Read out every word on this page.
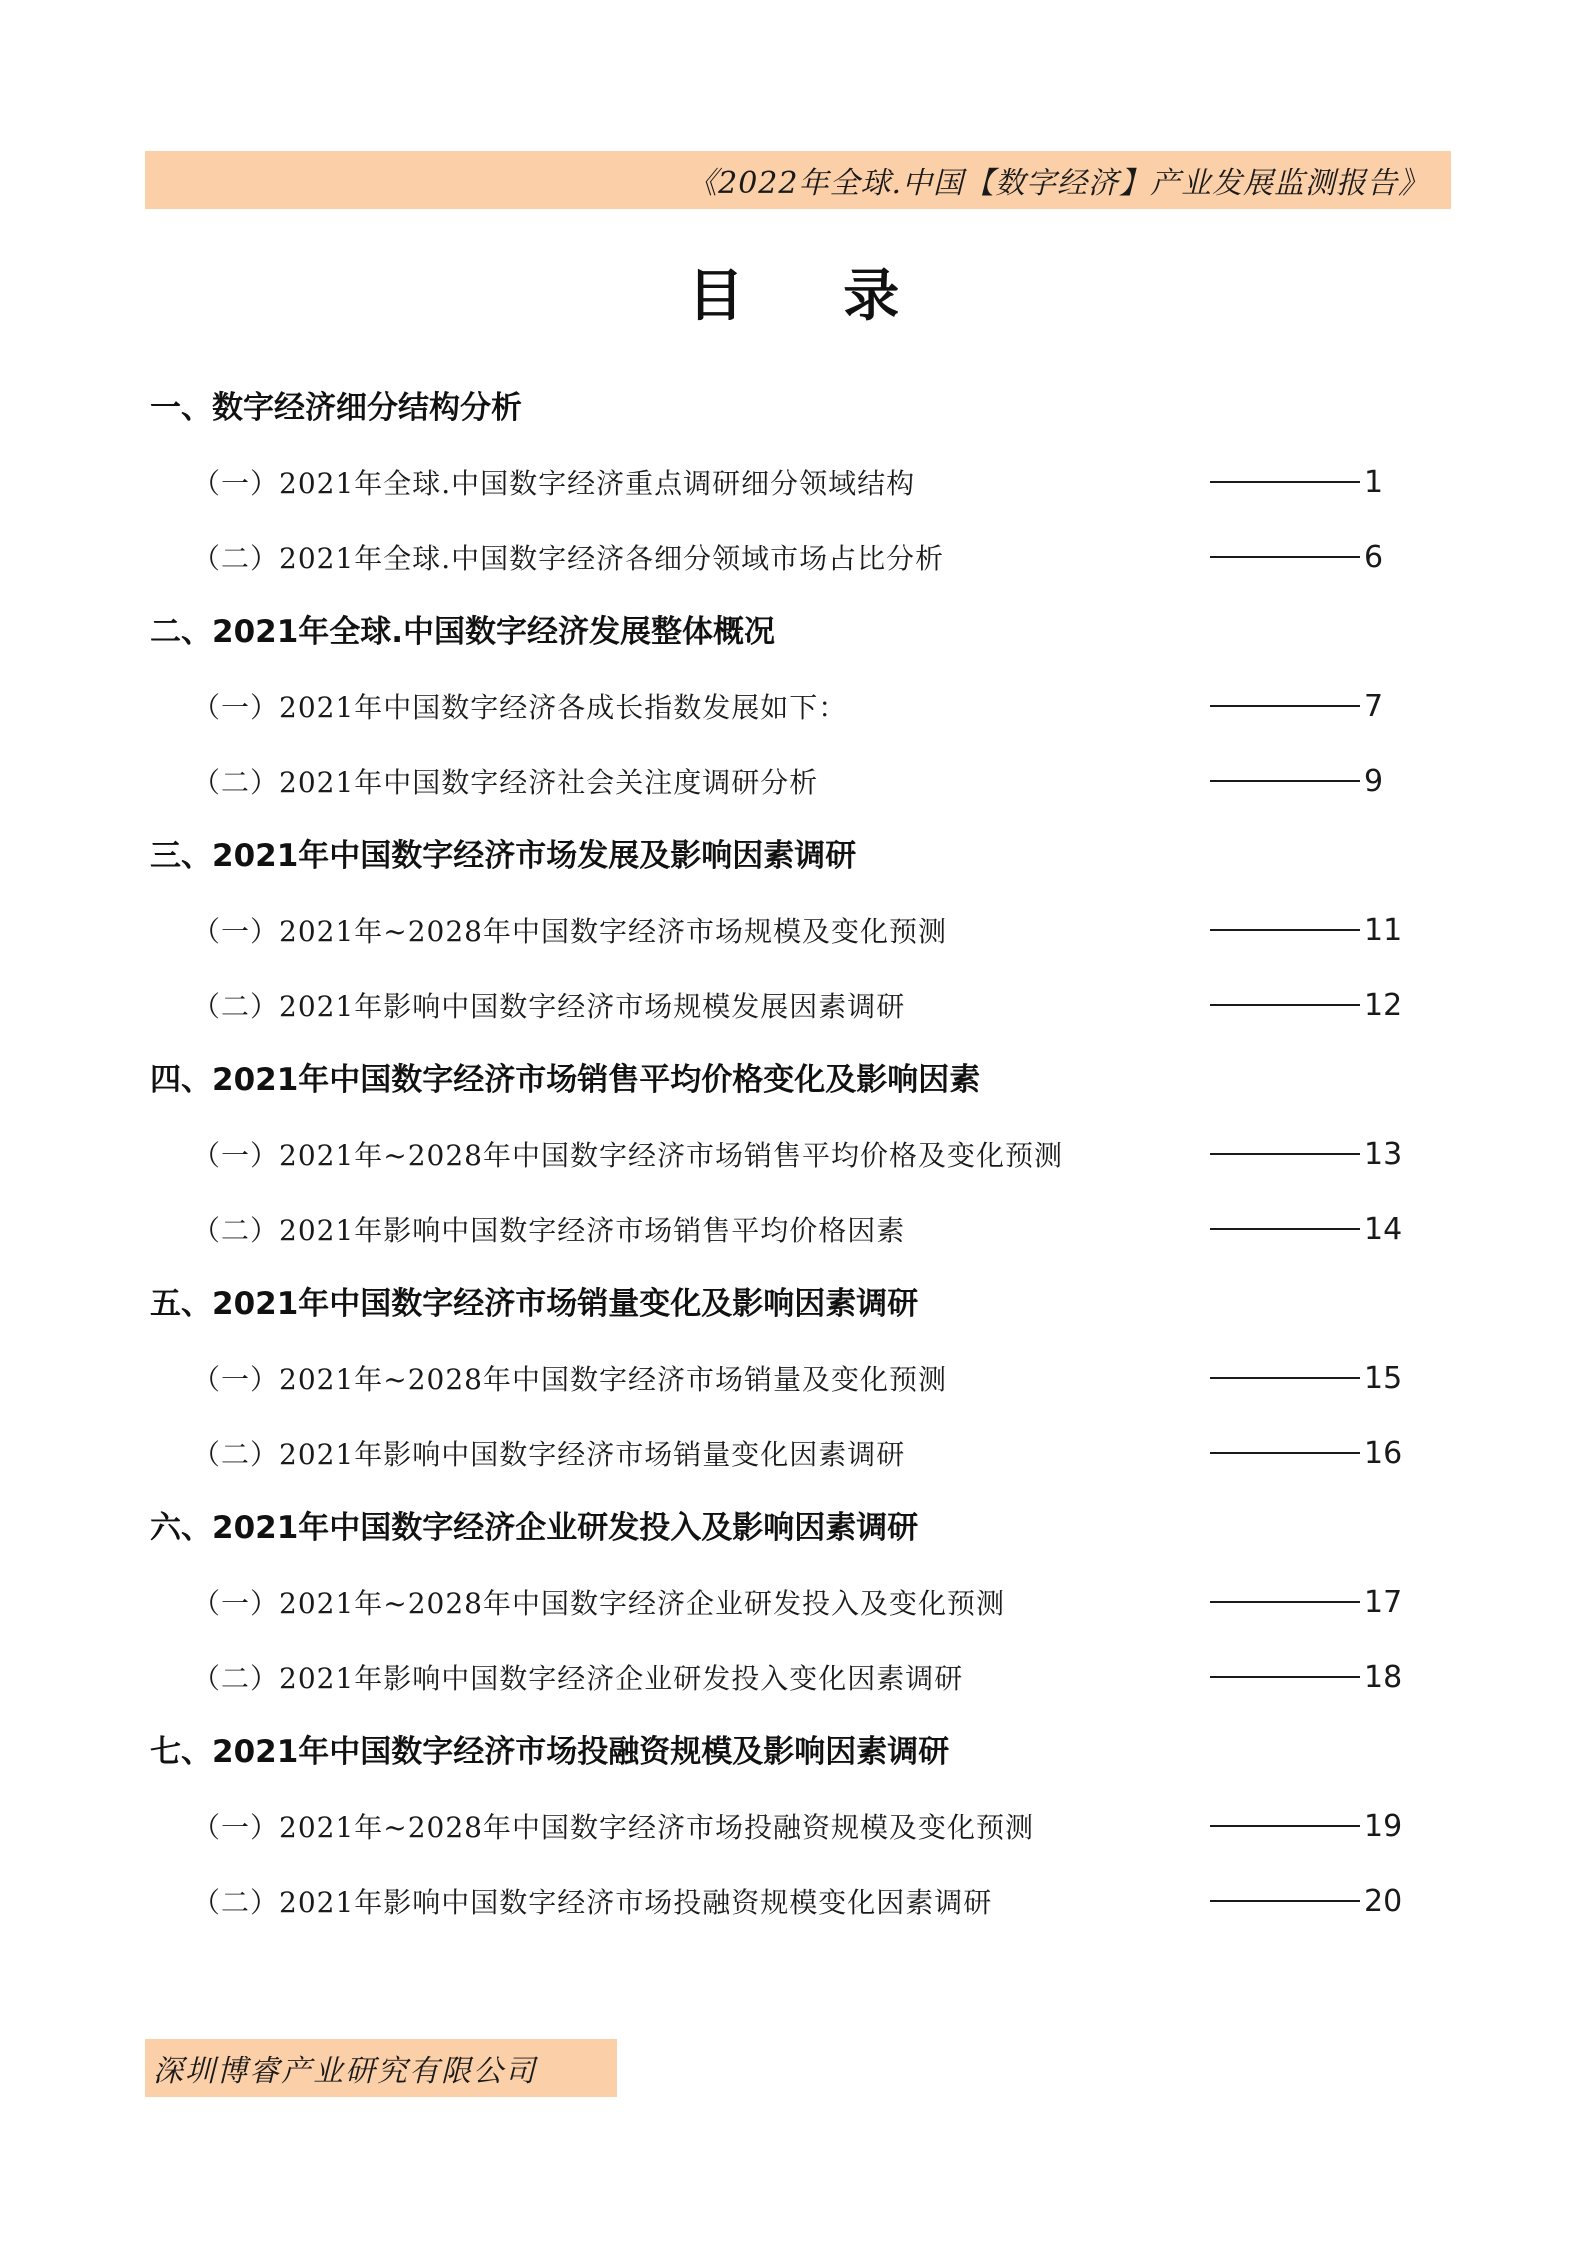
《2022年全球.中国【数字经济】产业发展监测报告》
目 录
一、数字经济细分结构分析
（一）2021年全球.中国数字经济重点调研细分领域结构	1
（二）2021年全球.中国数字经济各细分领域市场占比分析	6
二、2021年全球.中国数字经济发展整体概况
（一）2021年中国数字经济各成长指数发展如下：	7
（二）2021年中国数字经济社会关注度调研分析	9
三、2021年中国数字经济市场发展及影响因素调研
（一）2021年~2028年中国数字经济市场规模及变化预测	11
（二）2021年影响中国数字经济市场规模发展因素调研	12
四、2021年中国数字经济市场销售平均价格变化及影响因素
（一）2021年~2028年中国数字经济市场销售平均价格及变化预测	13
（二）2021年影响中国数字经济市场销售平均价格因素	14
五、2021年中国数字经济市场销量变化及影响因素调研
（一）2021年~2028年中国数字经济市场销量及变化预测	15
（二）2021年影响中国数字经济市场销量变化因素调研	16
六、2021年中国数字经济企业研发投入及影响因素调研
（一）2021年~2028年中国数字经济企业研发投入及变化预测	17
（二）2021年影响中国数字经济企业研发投入变化因素调研	18
七、2021年中国数字经济市场投融资规模及影响因素调研
（一）2021年~2028年中国数字经济市场投融资规模及变化预测	19
（二）2021年影响中国数字经济市场投融资规模变化因素调研	20
深圳博睿产业研究有限公司
